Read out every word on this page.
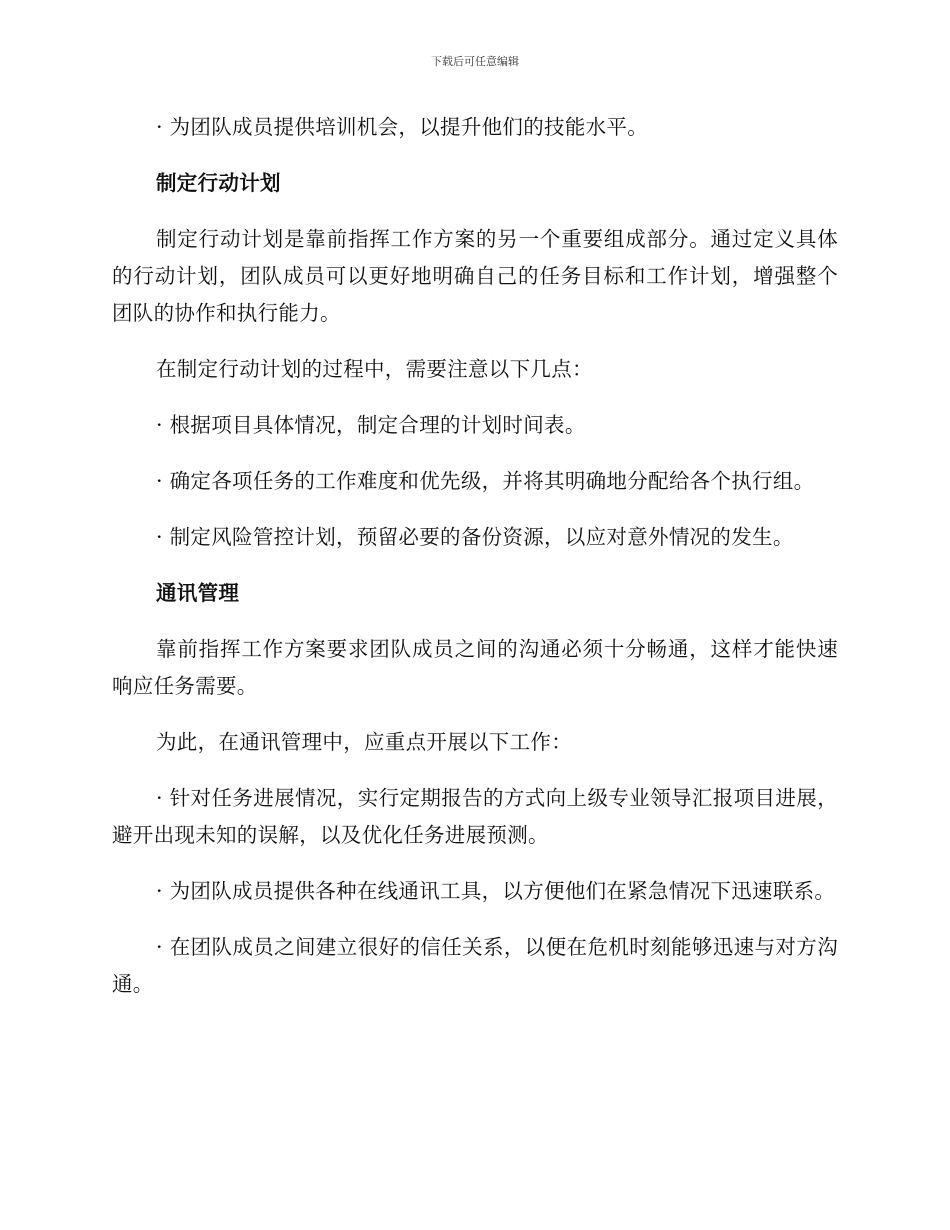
下载后可任意编辑

· 为团队成员提供培训机会，以提升他们的技能水平。

制定行动计划

制定行动计划是靠前指挥工作方案的另一个重要组成部分。通过定义具体的行动计划，团队成员可以更好地明确自己的任务目标和工作计划，增强整个团队的协作和执行能力。

在制定行动计划的过程中，需要注意以下几点：

· 根据项目具体情况，制定合理的计划时间表。

· 确定各项任务的工作难度和优先级，并将其明确地分配给各个执行组。

· 制定风险管控计划，预留必要的备份资源，以应对意外情况的发生。

通讯管理

靠前指挥工作方案要求团队成员之间的沟通必须十分畅通，这样才能快速响应任务需要。

为此，在通讯管理中，应重点开展以下工作：

· 针对任务进展情况，实行定期报告的方式向上级专业领导汇报项目进展，避开出现未知的误解，以及优化任务进展预测。

· 为团队成员提供各种在线通讯工具，以方便他们在紧急情况下迅速联系。

· 在团队成员之间建立很好的信任关系，以便在危机时刻能够迅速与对方沟通。
